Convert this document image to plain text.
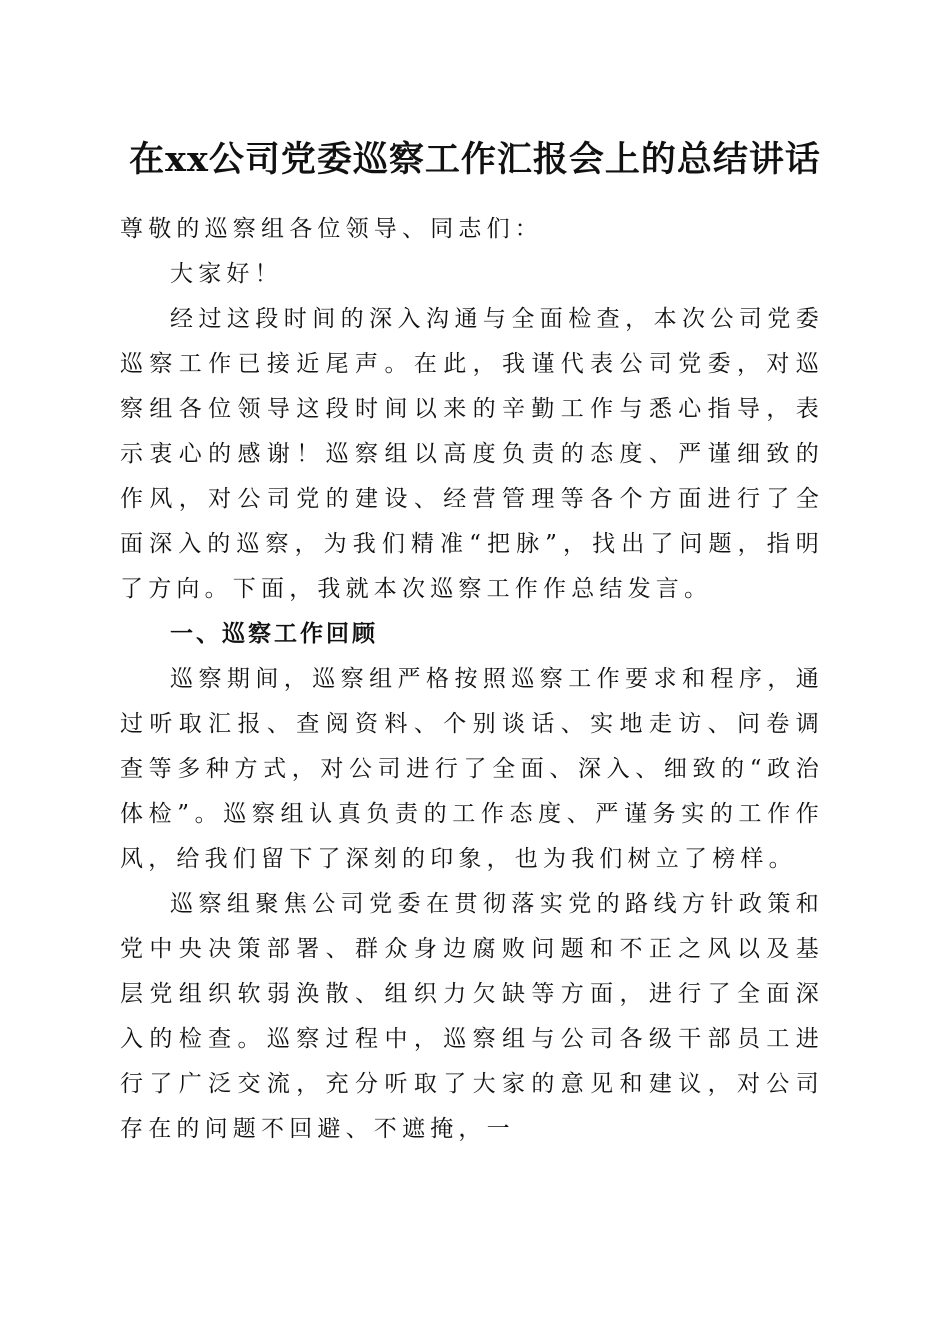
在xx公司党委巡察工作汇报会上的总结讲话

尊敬的巡察组各位领导、同志们：

大家好！

经过这段时间的深入沟通与全面检查，本次公司党委巡察工作已接近尾声。在此，我谨代表公司党委，对巡察组各位领导这段时间以来的辛勤工作与悉心指导，表示衷心的感谢！巡察组以高度负责的态度、严谨细致的作风，对公司党的建设、经营管理等各个方面进行了全面深入的巡察，为我们精准“把脉”，找出了问题，指明了方向。下面，我就本次巡察工作作总结发言。

一、巡察工作回顾

巡察期间，巡察组严格按照巡察工作要求和程序，通过听取汇报、查阅资料、个别谈话、实地走访、问卷调查等多种方式，对公司进行了全面、深入、细致的“政治体检”。巡察组认真负责的工作态度、严谨务实的工作作风，给我们留下了深刻的印象，也为我们树立了榜样。

巡察组聚焦公司党委在贯彻落实党的路线方针政策和党中央决策部署、群众身边腐败问题和不正之风以及基层党组织软弱涣散、组织力欠缺等方面，进行了全面深入的检查。巡察过程中，巡察组与公司各级干部员工进行了广泛交流，充分听取了大家的意见和建议，对公司存在的问题不回避、不遮掩，一
